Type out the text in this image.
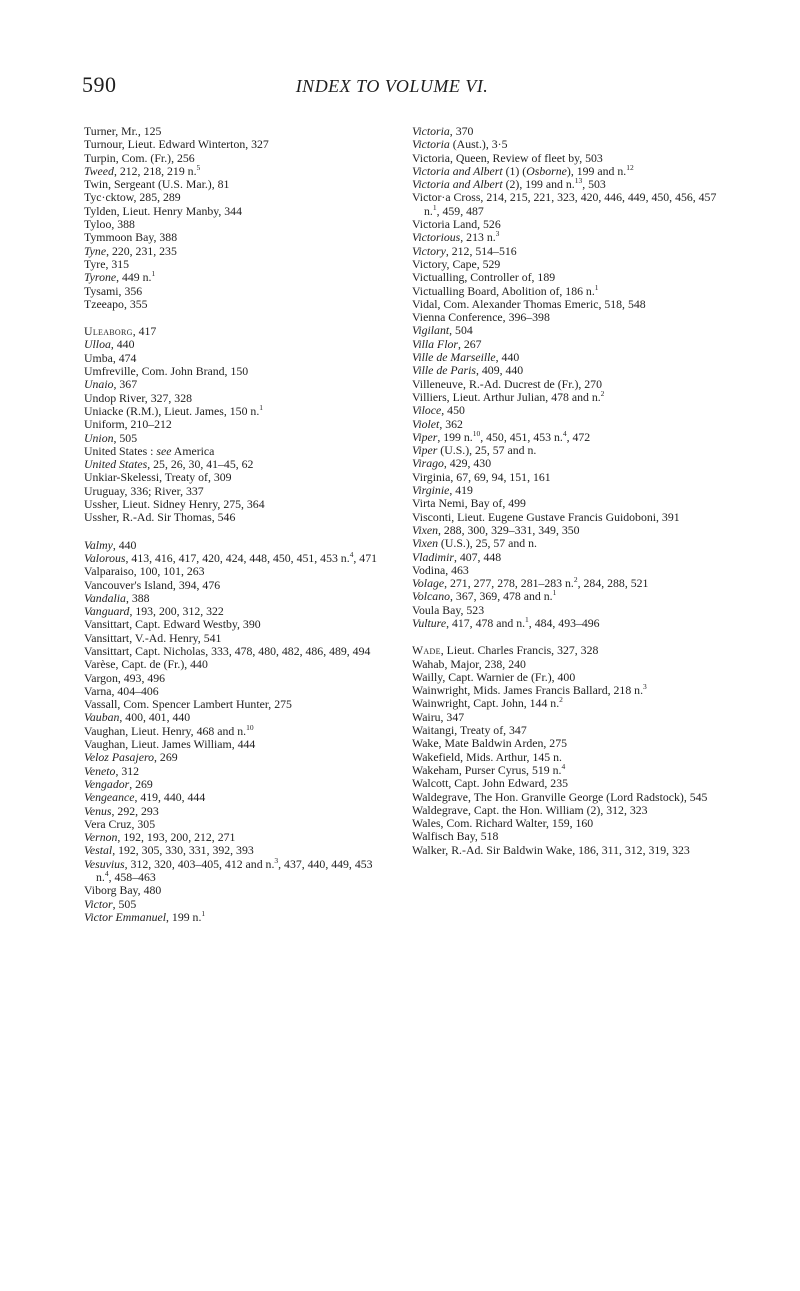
590	INDEX TO VOLUME VI.
Turner, Mr., 125
Turnour, Lieut. Edward Winterton, 327
Turpin, Com. (Fr.), 256
Tweed, 212, 218, 219 n.$^5$
Twin, Sergeant (U.S. Mar.), 81
Tyc·cktow, 285, 289
Tylden, Lieut. Henry Manby, 344
Tyloo, 388
Tymmoon Bay, 388
Tyne, 220, 231, 235
Tyre, 315
Tyrone, 449 n.$^1$
Tysami, 356
Tzeeapo, 355
Uleaborg, 417
Ulloa, 440
Umba, 474
Umfreville, Com. John Brand, 150
Unaio, 367
Undop River, 327, 328
Uniacke (R.M.), Lieut. James, 150 n.$^1$
Uniform, 210–212
Union, 505
United States : see America
United States, 25, 26, 30, 41–45, 62
Unkiar-Skelessi, Treaty of, 309
Uruguay, 336; River, 337
Ussher, Lieut. Sidney Henry, 275, 364
Ussher, R.-Ad. Sir Thomas, 546
Valmy, 440
Valorous, 413, 416, 417, 420, 424, 448, 450, 451, 453 n.$^4$, 471
Valparaiso, 100, 101, 263
Vancouver's Island, 394, 476
Vandalia, 388
Vanguard, 193, 200, 312, 322
Vansittart, Capt. Edward Westby, 390
Vansittart, V.-Ad. Henry, 541
Vansittart, Capt. Nicholas, 333, 478, 480, 482, 486, 489, 494
Varèse, Capt. de (Fr.), 440
Vargon, 493, 496
Varna, 404–406
Vassall, Com. Spencer Lambert Hunter, 275
Vauban, 400, 401, 440
Vaughan, Lieut. Henry, 468 and n.$^{10}$
Vaughan, Lieut. James William, 444
Veloz Pasajero, 269
Veneto, 312
Vengador, 269
Vengeance, 419, 440, 444
Venus, 292, 293
Vera Cruz, 305
Vernon, 192, 193, 200, 212, 271
Vestal, 192, 305, 330, 331, 392, 393
Vesuvius, 312, 320, 403–405, 412 and n.$^3$, 437, 440, 449, 453 n.$^4$, 458–463
Viborg Bay, 480
Victor, 505
Victor Emmanuel, 199 n.$^1$
Victoria, 370
Victoria (Aust.), 3·5
Victoria, Queen, Review of fleet by, 503
Victoria and Albert (1) (Osborne), 199 and n.$^{12}$
Victoria and Albert (2), 199 and n.$^{13}$, 503
Victor·a Cross, 214, 215, 221, 323, 420, 446, 449, 450, 456, 457 n.$^1$, 459, 487
Victoria Land, 526
Victorious, 213 n.$^3$
Victory, 212, 514–516
Victory, Cape, 529
Victualling, Controller of, 189
Victualling Board, Abolition of, 186 n.$^1$
Vidal, Com. Alexander Thomas Emeric, 518, 548
Vienna Conference, 396–398
Vigilant, 504
Villa Flor, 267
Ville de Marseille, 440
Ville de Paris, 409, 440
Villeneuve, R.-Ad. Ducrest de (Fr.), 270
Villiers, Lieut. Arthur Julian, 478 and n.$^2$
Viloce, 450
Violet, 362
Viper, 199 n.$^{10}$, 450, 451, 453 n.$^4$, 472
Viper (U.S.), 25, 57 and n.
Virago, 429, 430
Virginia, 67, 69, 94, 151, 161
Virginie, 419
Virta Nemi, Bay of, 499
Visconti, Lieut. Eugene Gustave Francis Guidoboni, 391
Vixen, 288, 300, 329–331, 349, 350
Vixen (U.S.), 25, 57 and n.
Vladimir, 407, 448
Vodina, 463
Volage, 271, 277, 278, 281–283 n.$^2$, 284, 288, 521
Volcano, 367, 369, 478 and n.$^1$
Voula Bay, 523
Vulture, 417, 478 and n.$^1$, 484, 493–496
Wade, Lieut. Charles Francis, 327, 328
Wahab, Major, 238, 240
Wailly, Capt. Warnier de (Fr.), 400
Wainwright, Mids. James Francis Ballard, 218 n.$^3$
Wainwright, Capt. John, 144 n.$^2$
Wairu, 347
Waitangi, Treaty of, 347
Wake, Mate Baldwin Arden, 275
Wakefield, Mids. Arthur, 145 n.
Wakeham, Purser Cyrus, 519 n.$^4$
Walcott, Capt. John Edward, 235
Waldegrave, The Hon. Granville George (Lord Radstock), 545
Waldegrave, Capt. the Hon. William (2), 312, 323
Wales, Com. Richard Walter, 159, 160
Walfisch Bay, 518
Walker, R.-Ad. Sir Baldwin Wake, 186, 311, 312, 319, 323
